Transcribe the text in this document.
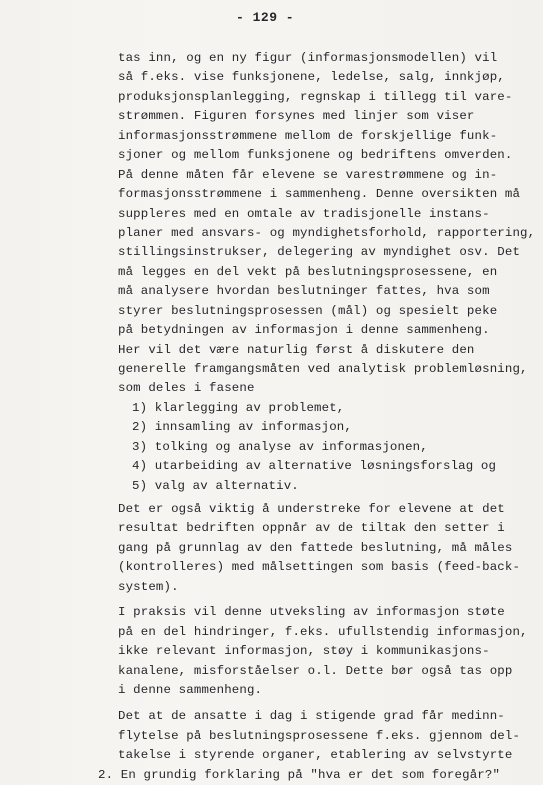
- 129 -
tas inn, og en ny figur (informasjonsmodellen) vil
så f.eks. vise funksjonene, ledelse, salg, innkjøp,
produksjonsplanlegging, regnskap i tillegg til vare-
strømmen. Figuren forsynes med linjer som viser
informasjonsstrømmene mellom de forskjellige funk-
sjoner og mellom funksjonene og bedriftens omverden.
På denne måten får elevene se varestrømmene og in-
formasjonsstrømmene i sammenheng. Denne oversikten må
suppleres med en omtale av tradisjonelle instans-
planer med ansvars- og myndighetsforhold, rapportering,
stillingsinstrukser, delegering av myndighet osv. Det
må legges en del vekt på beslutningsprosessene, en
må analysere hvordan beslutninger fattes, hva som
styrer beslutningsprosessen (mål) og spesielt peke
på betydningen av informasjon i denne sammenheng.
Her vil det være naturlig først å diskutere den
1) klarlegging av problemet,
2) innsamling av informasjon,
3) tolking og analyse av informasjonen,
4) utarbeiding av alternative løsningsforslag og
5) valg av alternativ.
generelle framgangsmåten ved analytisk problemløsning,
som deles i fasene
Det er også viktig å understreke for elevene at det
resultat bedriften oppnår av de tiltak den setter i
gang på grunnlag av den fattede beslutning, må måles
(kontrolleres) med målsettingen som basis (feed-back-
system).
I praksis vil denne utveksling av informasjon støte
på en del hindringer, f.eks. ufullstendig informasjon,
ikke relevant informasjon, støy i kommunikasjons-
kanalene, misforståelser o.l. Dette bør også tas opp
i denne sammenheng.
Det at de ansatte i dag i stigende grad får medinn-
flytelse på beslutningsprosessene f.eks. gjennom del-
takelse i styrende organer, etablering av selvstyrte
2. En grundig forklaring på "hva er det som foregår?"
